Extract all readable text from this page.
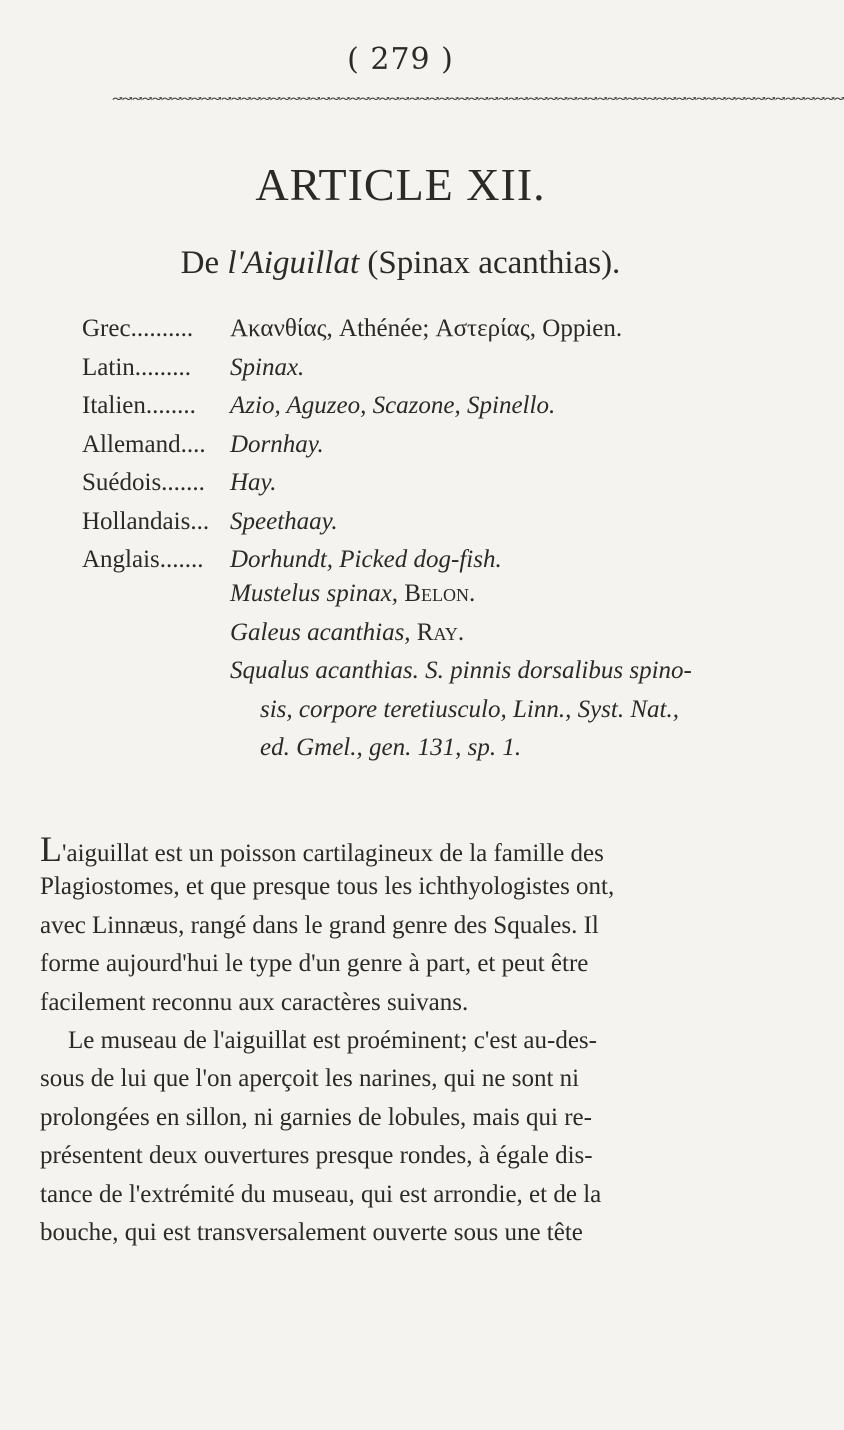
( 279 )
↝↝↝↝↝↝↝↝↝↝↝↝↝↝↝↝↝↝↝↝↝↝↝↝↝↝↝↝↝↝↝↝↝↝↝↝↝↝↝↝↝↝↝↝↝↝↝↝↝↝↝↝↝↝↝↝↝↝↝↝↝↝↝↝↝↝↝↝↝↝↝↝↝↝
ARTICLE XII.
De l'Aiguillat (Spinax acanthias).
Grec..........	Ακανθίας, Athénée; Αστερίας, Oppien.
Latin.........	Spinax.
Italien........	Azio, Aguzeo, Scazone, Spinello.
Allemand.... Dornhay.
Suédois.......	Hay.
Hollandais... Speethaay.
Anglais.......	Dorhundt, Picked dog-fish.
Mustelus spinax, Belon.
Galeus acanthias, Ray.
Squalus acanthias. S. pinnis dorsalibus spino-
sis, corpore teretiusculo, Linn., Syst. Nat.,
ed. Gmel., gen. 131, sp. 1.
L'aiguillat est un poisson cartilagineux de la famille des
Plagiostomes, et que presque tous les ichthyologistes ont,
avec Linnæus, rangé dans le grand genre des Squales. Il
forme aujourd'hui le type d'un genre à part, et peut être
facilement reconnu aux caractères suivans.
Le museau de l'aiguillat est proéminent; c'est au-des-
sous de lui que l'on aperçoit les narines, qui ne sont ni
prolongées en sillon, ni garnies de lobules, mais qui re-
présentent deux ouvertures presque rondes, à égale dis-
tance de l'extrémité du museau, qui est arrondie, et de la
bouche, qui est transversalement ouverte sous une tête
